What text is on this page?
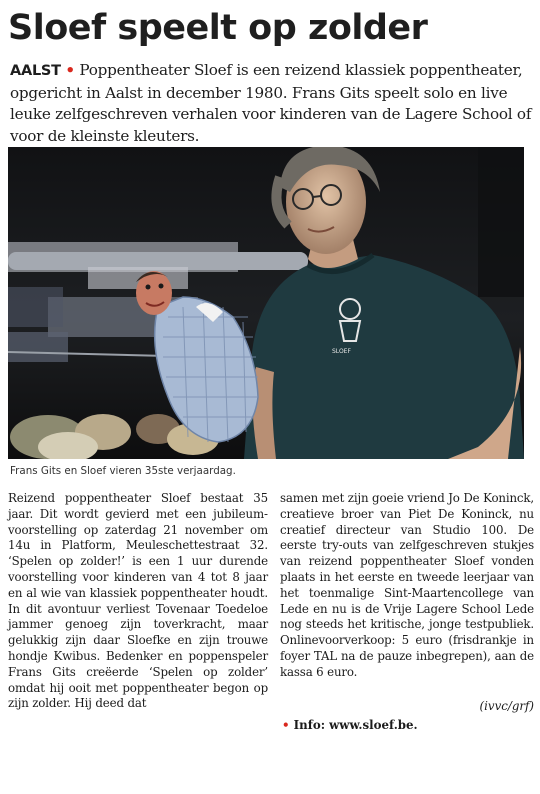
Sloef speelt op zolder
AALST • Poppentheater Sloef is een reizend klassiek poppentheater, opgericht in Aalst in december 1980. Frans Gits speelt solo en live leuke zelfgeschreven verhalen voor kinderen van de Lagere School of voor de kleinste kleuters.
SLOEF
Frans Gits en Sloef vieren 35ste verjaardag.
Reizend poppentheater Sloef bestaat 35 jaar. Dit wordt gevierd met een jubileumvoorstelling op zaterdag 21 november om 14u in Platform, Meuleschettestraat 32. ‘Spelen op zolder!’ is een 1 uur durende voorstelling voor kinderen van 4 tot 8 jaar en al wie van klassiek poppentheater houdt. In dit avontuur verliest Tovenaar Toedeloe jammer genoeg zijn toverkracht, maar gelukkig zijn daar Sloefke en zijn trouwe hondje Kwibus. Bedenker en poppenspeler Frans Gits creëerde ‘Spelen op zolder’ omdat hij ooit met poppentheater begon op zijn zolder. Hij deed dat
samen met zijn goeie vriend Jo De Koninck, creatieve broer van Piet De Koninck, nu creatief directeur van Studio 100. De eerste try-outs van zelfgeschreven stukjes van reizend poppentheater Sloef vonden plaats in het eerste en tweede leerjaar van het toenmalige Sint-Maartencollege van Lede en nu is de Vrije Lagere School Lede nog steeds het kritische, jonge testpubliek. Onlinevoorverkoop: 5 euro (frisdrankje in foyer TAL na de pauze inbegrepen), aan de kassa 6 euro.
(ivvc/grf)
• Info: www.sloef.be.
